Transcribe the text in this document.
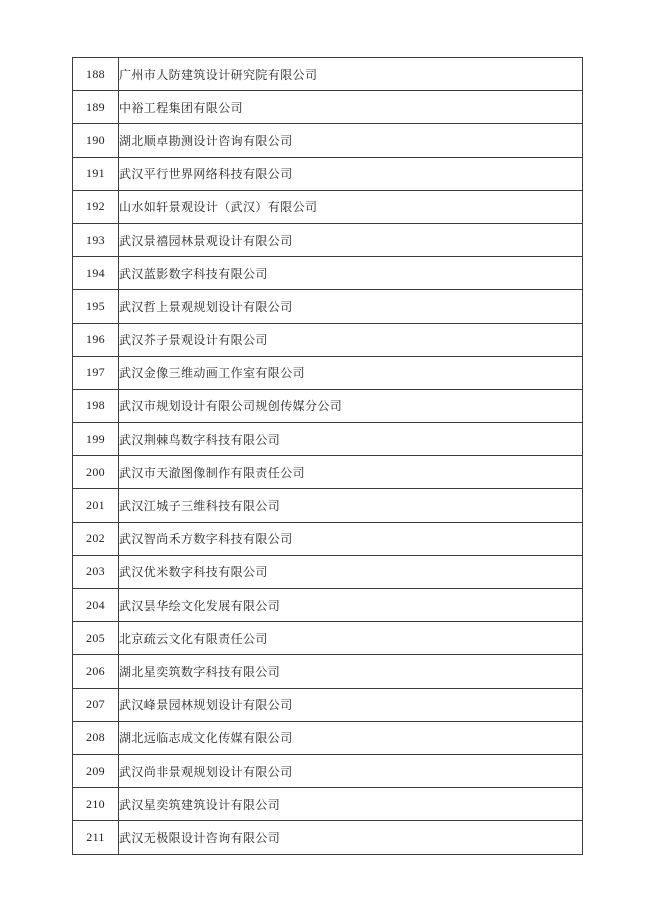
188	广州市人防建筑设计研究院有限公司
189	中裕工程集团有限公司
190	湖北顺卓勘测设计咨询有限公司
191	武汉平行世界网络科技有限公司
192	山水如轩景观设计（武汉）有限公司
193	武汉景禧园林景观设计有限公司
194	武汉蓝影数字科技有限公司
195	武汉哲上景观规划设计有限公司
196	武汉芥子景观设计有限公司
197	武汉金像三维动画工作室有限公司
198	武汉市规划设计有限公司规创传媒分公司
199	武汉荆棘鸟数字科技有限公司
200	武汉市天澈图像制作有限责任公司
201	武汉江城子三维科技有限公司
202	武汉智尚禾方数字科技有限公司
203	武汉优米数字科技有限公司
204	武汉昙华绘文化发展有限公司
205	北京疏云文化有限责任公司
206	湖北星奕筑数字科技有限公司
207	武汉峰景园林规划设计有限公司
208	湖北远临志成文化传媒有限公司
209	武汉尚非景观规划设计有限公司
210	武汉星奕筑建筑设计有限公司
211	武汉无极限设计咨询有限公司
